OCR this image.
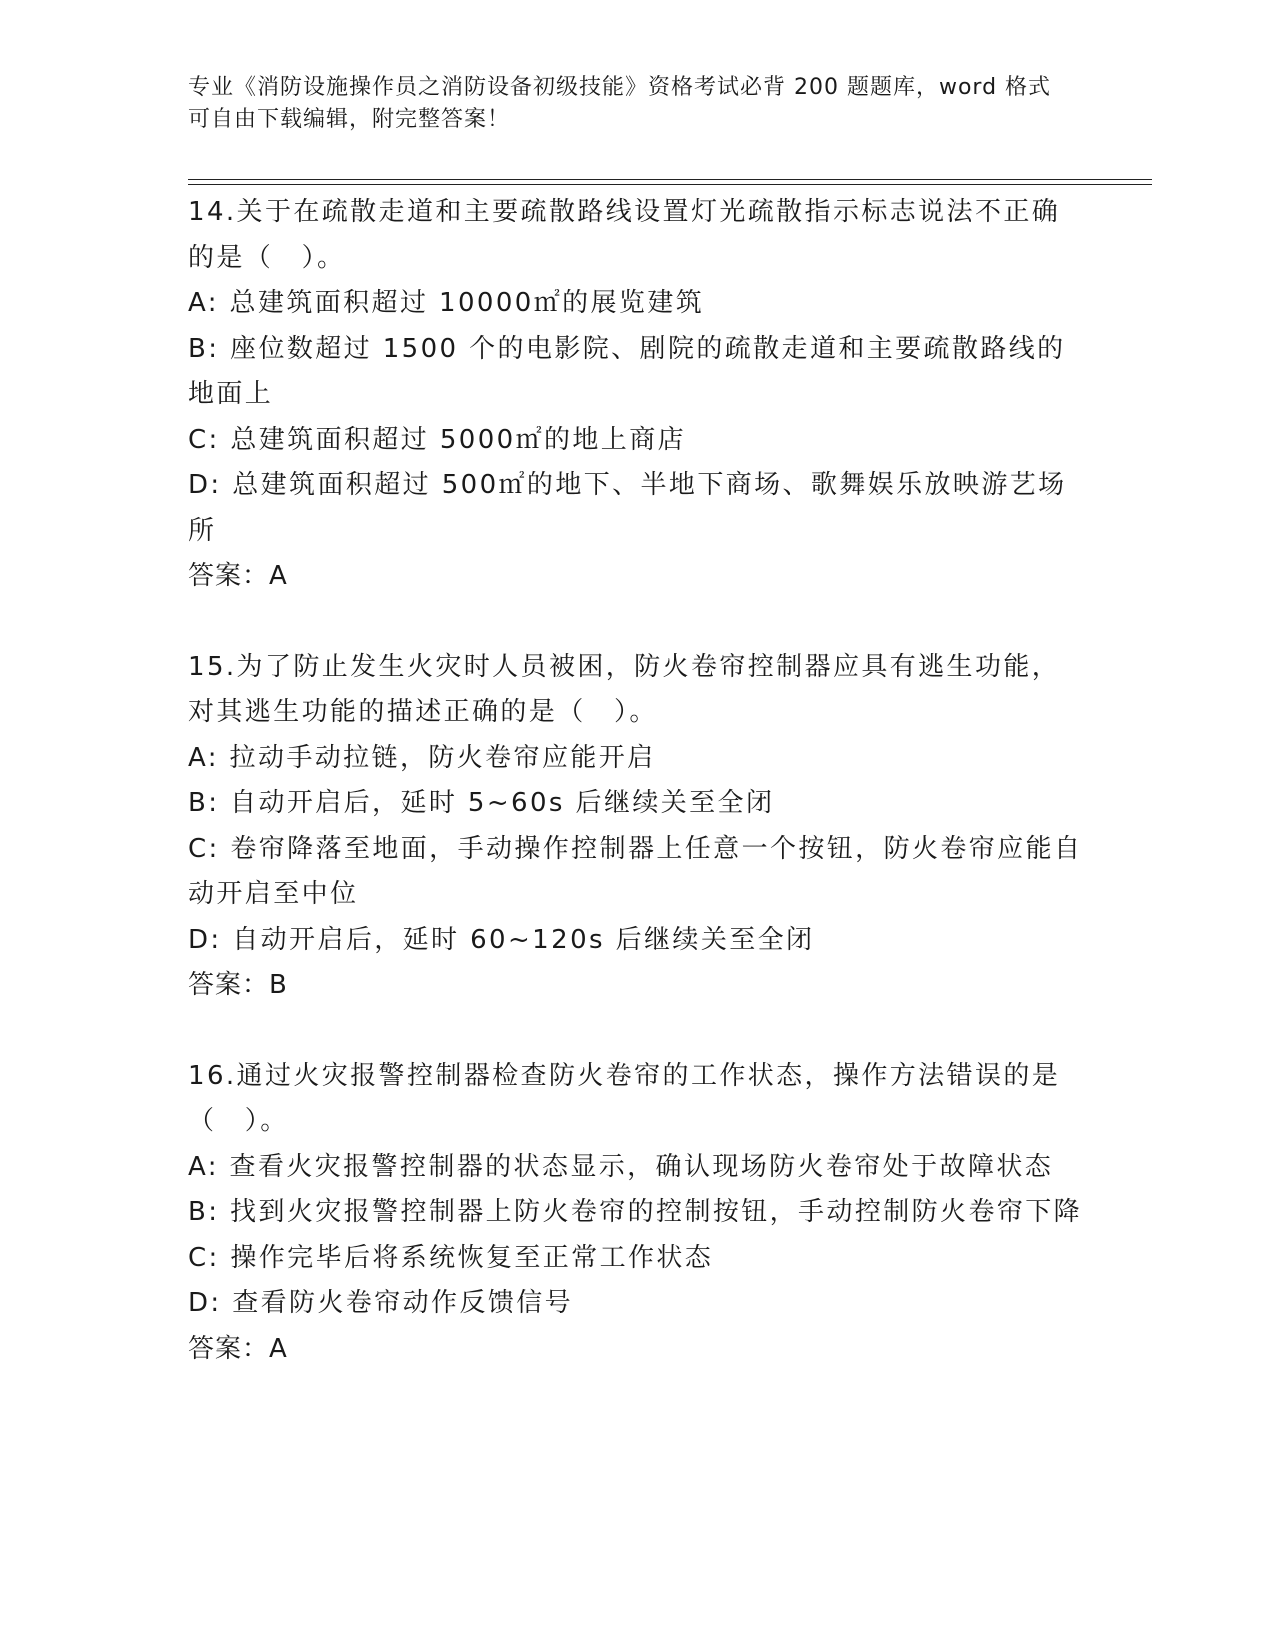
专业《消防设施操作员之消防设备初级技能》资格考试必背 200 题题库，word 格式可自由下载编辑，附完整答案！

14.关于在疏散走道和主要疏散路线设置灯光疏散指示标志说法不正确的是（　）。

A: 总建筑面积超过 10000㎡的展览建筑

B: 座位数超过 1500 个的电影院、剧院的疏散走道和主要疏散路线的地面上

C: 总建筑面积超过 5000㎡的地上商店

D: 总建筑面积超过 500㎡的地下、半地下商场、歌舞娱乐放映游艺场所

答案：A

15.为了防止发生火灾时人员被困，防火卷帘控制器应具有逃生功能，对其逃生功能的描述正确的是（　）。

A: 拉动手动拉链，防火卷帘应能开启

B: 自动开启后，延时 5~60s 后继续关至全闭

C: 卷帘降落至地面，手动操作控制器上任意一个按钮，防火卷帘应能自动开启至中位

D: 自动开启后，延时 60~120s 后继续关至全闭

答案：B

16.通过火灾报警控制器检查防火卷帘的工作状态，操作方法错误的是（　）。

A: 查看火灾报警控制器的状态显示，确认现场防火卷帘处于故障状态

B: 找到火灾报警控制器上防火卷帘的控制按钮，手动控制防火卷帘下降

C: 操作完毕后将系统恢复至正常工作状态

D: 查看防火卷帘动作反馈信号

答案：A
